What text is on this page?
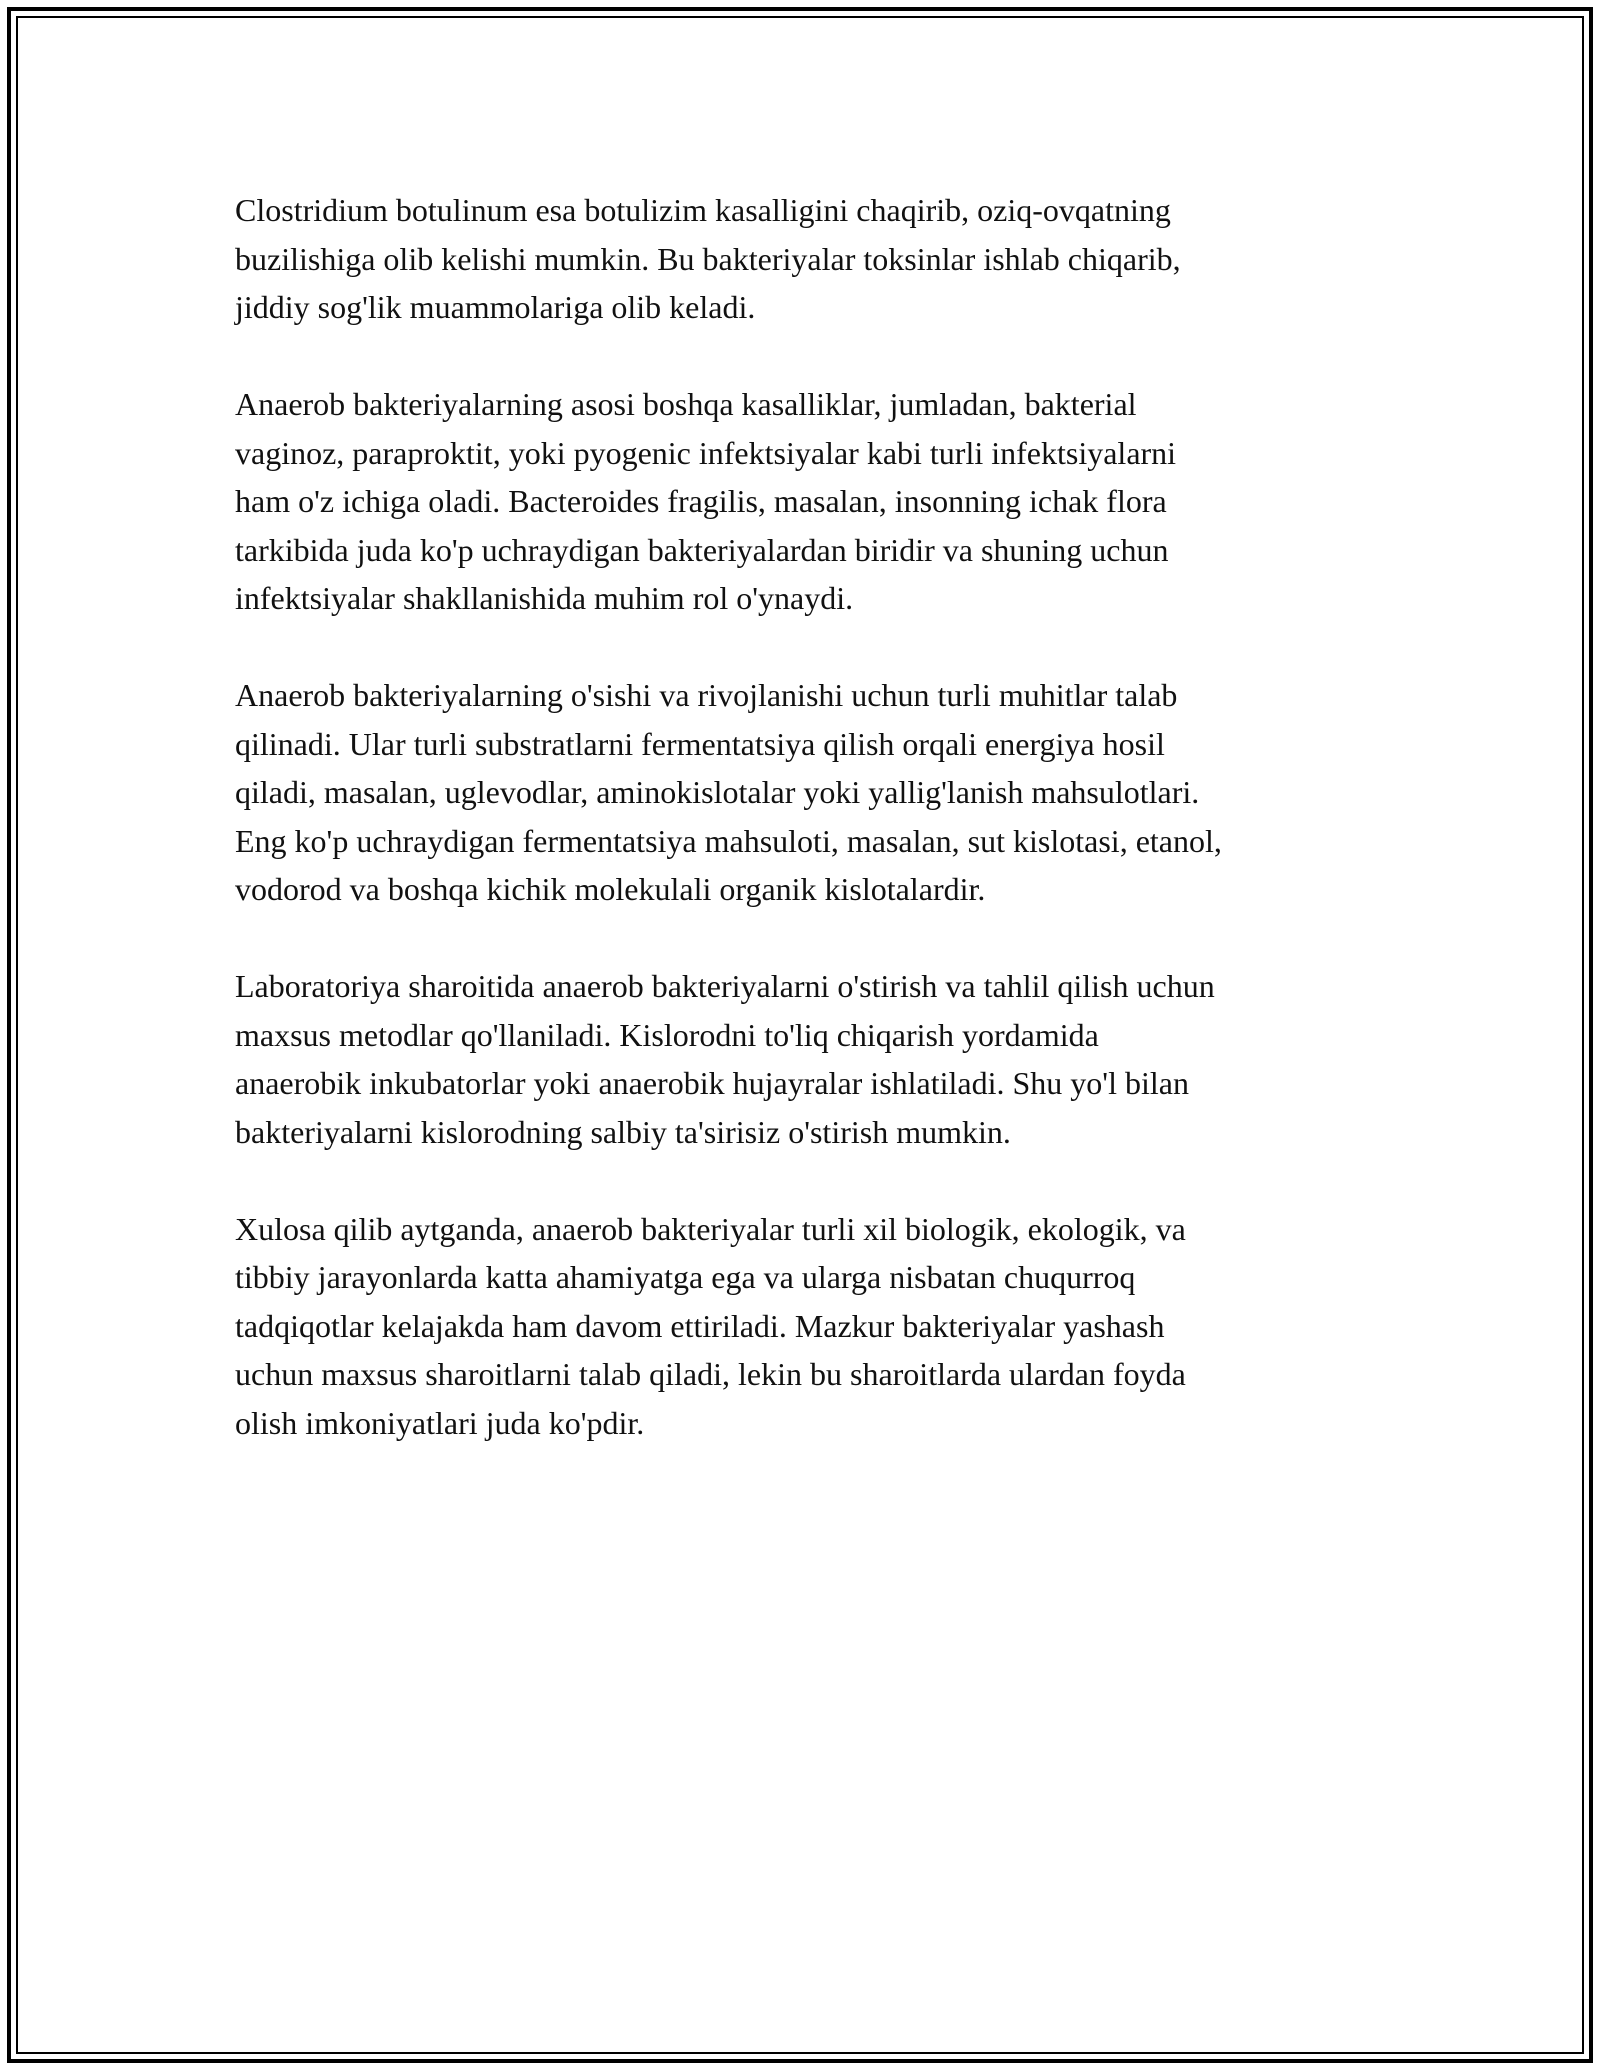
Clostridium botulinum esa botulizim kasalligini chaqirib, oziq-ovqatning
buzilishiga olib kelishi mumkin. Bu bakteriyalar toksinlar ishlab chiqarib,
jiddiy sog'lik muammolariga olib keladi.

Anaerob bakteriyalarning asosi boshqa kasalliklar, jumladan, bakterial
vaginoz, paraproktit, yoki pyogenic infektsiyalar kabi turli infektsiyalarni
ham o'z ichiga oladi. Bacteroides fragilis, masalan, insonning ichak flora
tarkibida juda ko'p uchraydigan bakteriyalardan biridir va shuning uchun
infektsiyalar shakllanishida muhim rol o'ynaydi.

Anaerob bakteriyalarning o'sishi va rivojlanishi uchun turli muhitlar talab
qilinadi. Ular turli substratlarni fermentatsiya qilish orqali energiya hosil
qiladi, masalan, uglevodlar, aminokislotalar yoki yallig'lanish mahsulotlari.
Eng ko'p uchraydigan fermentatsiya mahsuloti, masalan, sut kislotasi, etanol,
vodorod va boshqa kichik molekulali organik kislotalardir.

Laboratoriya sharoitida anaerob bakteriyalarni o'stirish va tahlil qilish uchun
maxsus metodlar qo'llaniladi. Kislorodni to'liq chiqarish yordamida
anaerobik inkubatorlar yoki anaerobik hujayralar ishlatiladi. Shu yo'l bilan
bakteriyalarni kislorodning salbiy ta'sirisiz o'stirish mumkin.

Xulosa qilib aytganda, anaerob bakteriyalar turli xil biologik, ekologik, va
tibbiy jarayonlarda katta ahamiyatga ega va ularga nisbatan chuqurroq
tadqiqotlar kelajakda ham davom ettiriladi. Mazkur bakteriyalar yashash
uchun maxsus sharoitlarni talab qiladi, lekin bu sharoitlarda ulardan foyda
olish imkoniyatlari juda ko'pdir.
